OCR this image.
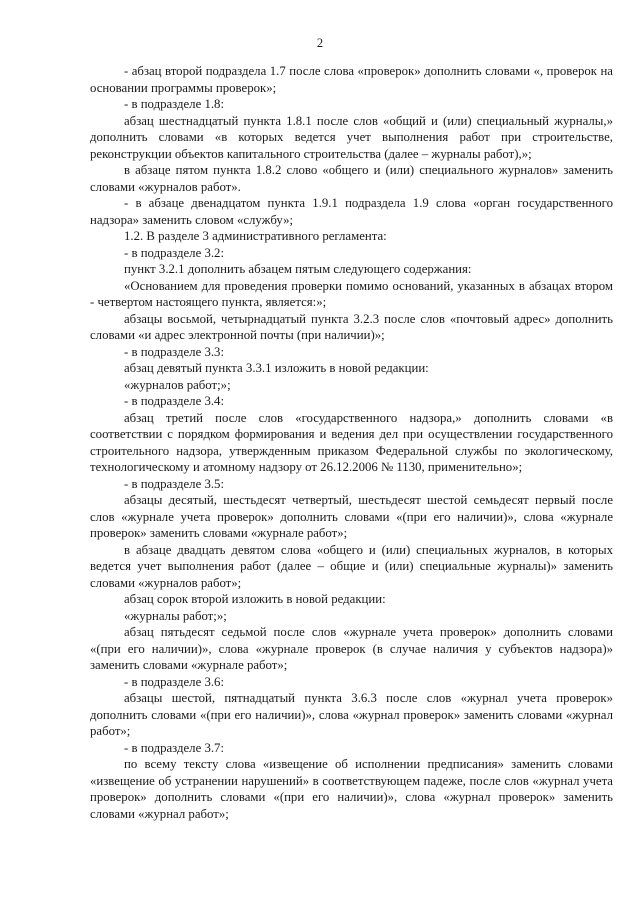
2

- абзац второй подраздела 1.7 после слова «проверок» дополнить словами «, проверок на основании программы проверок»;

- в подразделе 1.8:

абзац шестнадцатый пункта 1.8.1 после слов «общий и (или) специальный журналы,» дополнить словами «в которых ведется учет выполнения работ при строительстве, реконструкции объектов капитального строительства (далее – журналы работ),»;

в абзаце пятом пункта 1.8.2 слово «общего и (или) специального журналов» заменить словами «журналов работ».

- в абзаце двенадцатом пункта 1.9.1 подраздела 1.9 слова «орган государственного надзора» заменить словом «службу»;

1.2. В разделе 3 административного регламента:

- в подразделе 3.2:

пункт 3.2.1 дополнить абзацем пятым следующего содержания:

«Основанием для проведения проверки помимо оснований, указанных в абзацах втором - четвертом настоящего пункта, является:»;

абзацы восьмой, четырнадцатый пункта 3.2.3 после слов «почтовый адрес» дополнить словами «и адрес электронной почты (при наличии)»;

- в подразделе 3.3:

абзац девятый пункта 3.3.1 изложить в новой редакции:

«журналов работ;»;

- в подразделе 3.4:

абзац третий после слов «государственного надзора,» дополнить словами «в соответствии с порядком формирования и ведения дел при осуществлении государственного строительного надзора, утвержденным приказом Федеральной службы по экологическому, технологическому и атомному надзору от 26.12.2006 № 1130, применительно»;

- в подразделе 3.5:

абзацы десятый, шестьдесят четвертый, шестьдесят шестой семьдесят первый после слов «журнале учета проверок» дополнить словами «(при его наличии)», слова «журнале проверок» заменить словами «журнале работ»;

в абзаце двадцать девятом слова «общего и (или) специальных журналов, в которых ведется учет выполнения работ (далее – общие и (или) специальные журналы)» заменить словами «журналов работ»;

абзац сорок второй изложить в новой редакции:

«журналы работ;»;

абзац пятьдесят седьмой после слов «журнале учета проверок» дополнить словами «(при его наличии)», слова «журнале проверок (в случае наличия у субъектов надзора)» заменить словами «журнале работ»;

- в подразделе 3.6:

абзацы шестой, пятнадцатый пункта 3.6.3 после слов «журнал учета проверок» дополнить словами «(при его наличии)», слова «журнал проверок» заменить словами «журнал работ»;

- в подразделе 3.7:

по всему тексту слова «извещение об исполнении предписания» заменить словами «извещение об устранении нарушений» в соответствующем падеже, после слов «журнал учета проверок» дополнить словами «(при его наличии)», слова «журнал проверок» заменить словами «журнал работ»;
